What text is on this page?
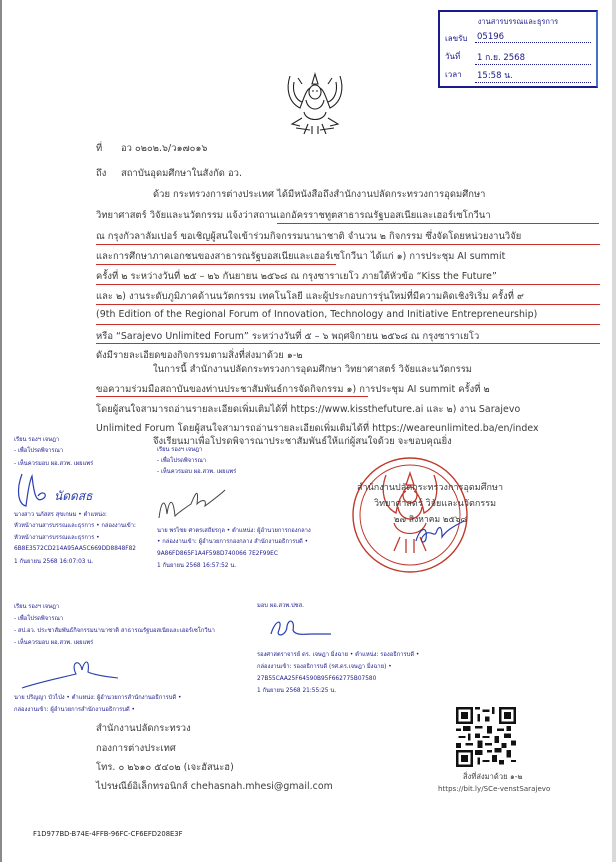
งานสารบรรณและธุรการ
เลขรับ 05196
วันที่ 1 ก.ย. 2568
เวลา 15:58 น.
ที่ อว ๐๒๐๒.๖/ว๑๗๐๑๖
ถึง สถาบันอุดมศึกษาในสังกัด อว.
ด้วย กระทรวงการต่างประเทศ ได้มีหนังสือถึงสำนักงานปลัดกระทรวงการอุดมศึกษา
วิทยาศาสตร์ วิจัยและนวัตกรรม แจ้งว่าสถานเอกอัครราชทูตสาธารณรัฐบอสเนียและเฮอร์เซโกวีนา
ณ กรุงกัวลาลัมเปอร์ ขอเชิญผู้สนใจเข้าร่วมกิจกรรมนานาชาติ จำนวน ๒ กิจกรรม ซึ่งจัดโดยหน่วยงานวิจัย
และการศึกษาภาคเอกชนของสาธารณรัฐบอสเนียและเฮอร์เซโกวีนา ได้แก่ ๑) การประชุม AI summit
ครั้งที่ ๒ ระหว่างวันที่ ๒๕ – ๒๖ กันยายน ๒๕๖๘ ณ กรุงซาราเยโว ภายใต้หัวข้อ “Kiss the Future”
และ ๒) งานระดับภูมิภาคด้านนวัตกรรม เทคโนโลยี และผู้ประกอบการรุ่นใหม่ที่มีความคิดเชิงริเริ่ม ครั้งที่ ๙
(9th Edition of the Regional Forum of Innovation, Technology and Initiative Entrepreneurship)
หรือ “Sarajevo Unlimited Forum” ระหว่างวันที่ ๕ – ๖ พฤศจิกายน ๒๕๖๘ ณ กรุงซาราเยโว
ดังมีรายละเอียดของกิจกรรมตามสิ่งที่ส่งมาด้วย ๑-๒
ในการนี้ สำนักงานปลัดกระทรวงการอุดมศึกษา วิทยาศาสตร์ วิจัยและนวัตกรรม
ขอความร่วมมือสถาบันของท่านประชาสัมพันธ์การจัดกิจกรรม ๑) การประชุม AI summit ครั้งที่ ๒
โดยผู้สนใจสามารถอ่านรายละเอียดเพิ่มเติมได้ที่ https://www.kissthefuture.ai และ ๒) งาน Sarajevo
Unlimited Forum โดยผู้สนใจสามารถอ่านรายละเอียดเพิ่มเติมได้ที่ https://weareunlimited.ba/en/index
จึงเรียนมาเพื่อโปรดพิจารณาประชาสัมพันธ์ให้แก่ผู้สนใจด้วย จะขอบคุณยิ่ง
เรียน รองฯ เจษฎา
- เพื่อโปรดพิจารณา
- เห็นควรมอบ ผอ.สวพ. เผยแพร่
นัดดสธ
นางสาว นภัสสร สุขเกษม • ตำแหน่ง:
หัวหน้างานสารบรรณและธุรการ • กล่องงานเข้า:
หัวหน้างานสารบรรณและธุรการ •
6B8E3572CD214A95AA5C669DD8848F82
1 กันยายน 2568 16:07:03 น.
เรียน รองฯ เจษฎา
- เพื่อโปรดพิจารณา
- เห็นควรมอบ ผอ.สวพ. เผยแพร่
นาย พรไชย ศาตรเสถียรกุล • ตำแหน่ง: ผู้อำนวยการกองกลาง
• กล่องงานเข้า: ผู้อำนวยการกองกลาง สำนักงานอธิการบดี •
9A86FD865F1A4F598D740066 7E2F99EC
1 กันยายน 2568 16:57:52 น.
สำนักงานปลัดกระทรวงการอุดมศึกษา
วิทยาศาสตร์ วิจัยและนวัตกรรม
๒๗ สิงหาคม ๒๕๖๘
เรียน รองฯ เจษฎา
- เพื่อโปรดพิจารณา
- สป.อว. ประชาสัมพันธ์กิจกรรมนานาชาติ สาธารณรัฐบอสเนียและเฮอร์เซโกวีนา
- เห็นควรมอบ ผอ.สวพ. เผยแพร่
นาย ปริญญา บัวไป่ง • ตำแหน่ง: ผู้อำนวยการสำนักงานอธิการบดี •
กล่องงานเข้า: ผู้อำนวยการสำนักงานอธิการบดี •
มอบ ผอ.สวพ.ปชส.
รองศาสตราจารย์ ดร. เจษฎา มิ่งฉาย • ตำแหน่ง: รองอธิการบดี •
กล่องงานเข้า: รองอธิการบดี (รศ.ดร.เจษฎา มิ่งฉาย) •
27B55CAA25F64590B95F662775B07580
1 กันยายน 2568 21:55:25 น.
สำนักงานปลัดกระทรวง
กองการต่างประเทศ
โทร. ๐ ๒๖๑๐ ๕๔๐๒ (เจะฮัสนะฮ)
ไปรษณีย์อิเล็กทรอนิกส์ chehasnah.mhesi@gmail.com
สิ่งที่ส่งมาด้วย ๑-๒
https://bit.ly/SCe-venstSarajevo
F1D977BD-B74E-4FFB-96FC-CF6EFD208E3F
